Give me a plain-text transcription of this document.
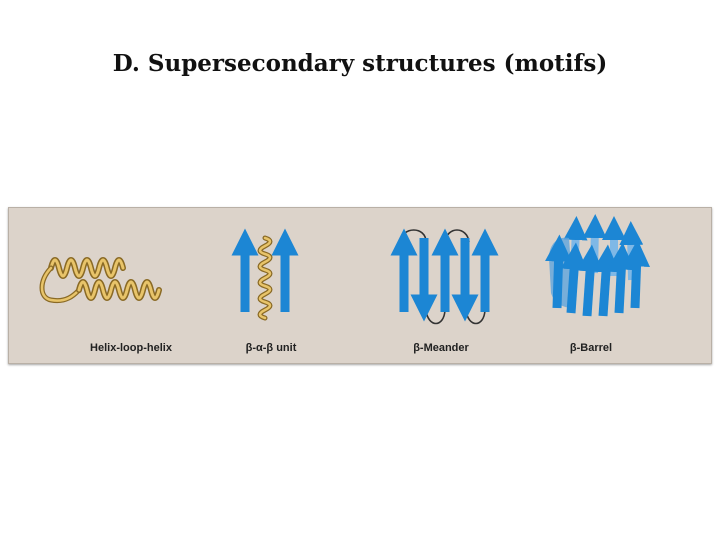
D. Supersecondary structures (motifs)
Helix-loop-helix	β-α-β unit	β-Meander	β-Barrel
